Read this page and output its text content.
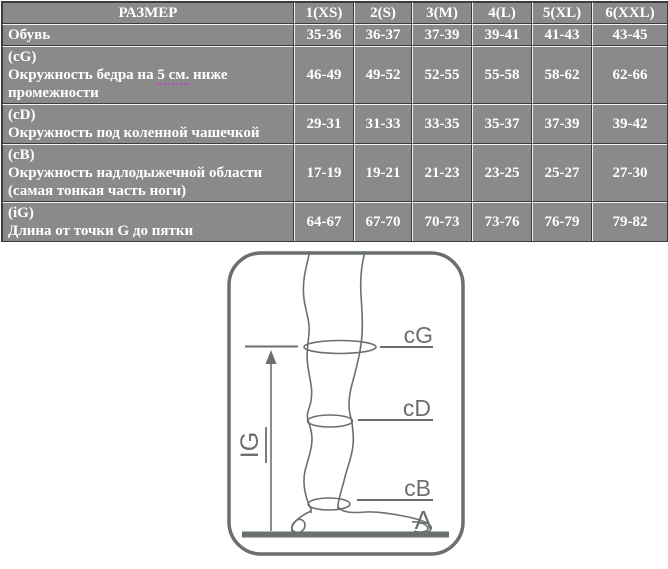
РАЗМЕР	1(XS)	2(S)	3(M)	4(L)	5(XL)	6(XXL)
Обувь	35-36	36-37	37-39	39-41	41-43	43-45

(cG)
Окружность бедра на 5 см. ниже промежности	46-49	49-52	52-55	55-58	58-62	62-66

(cD)
Окружность под коленной чашечкой	29-31	31-33	33-35	35-37	37-39	39-42

(cB)
Окружность надлодыжечной области (самая тонкая часть ноги)	17-19	19-21	21-23	23-25	25-27	27-30

(iG)
Длина от точки G до пятки	64-67	67-70	70-73	73-76	76-79	79-82
cG
cD
cB
A
IG
